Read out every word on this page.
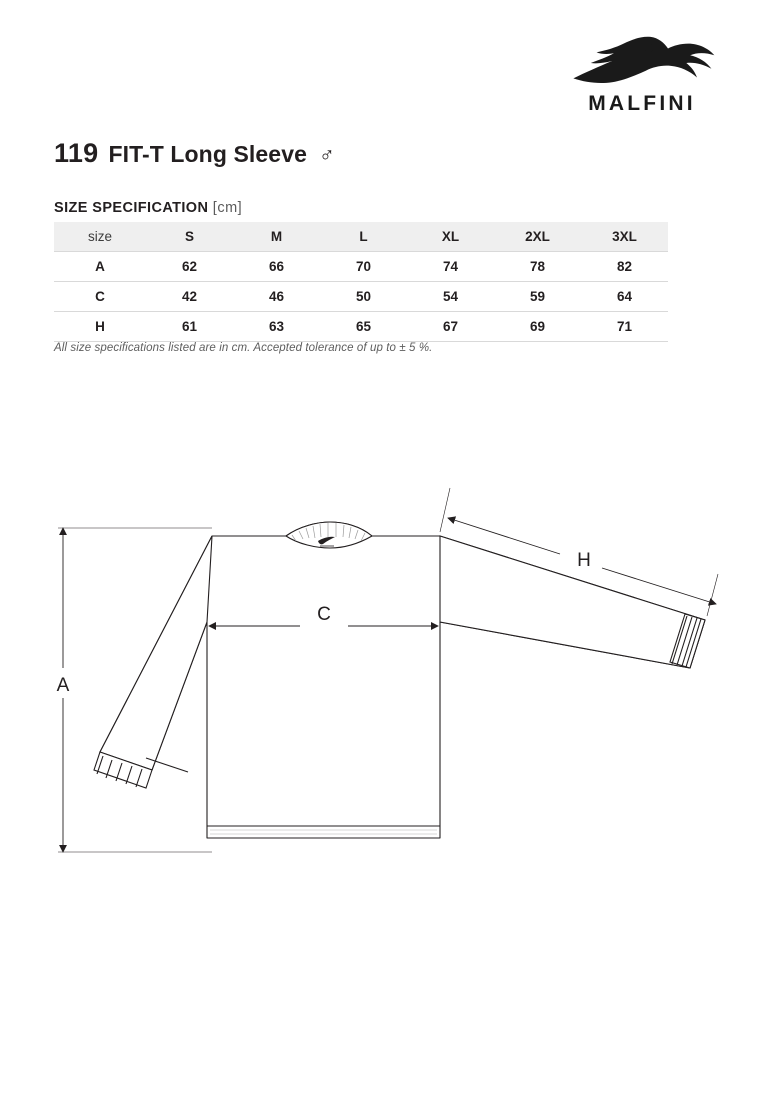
MALFINI
119 FIT-T Long Sleeve ♂
SIZE SPECIFICATION [cm]
size	S	M	L	XL	2XL	3XL
A	62	66	70	74	78	82
C	42	46	50	54	59	64
H	61	63	65	67	69	71
All size specifications listed are in cm. Accepted tolerance of up to ± 5 %.
A
C
H
